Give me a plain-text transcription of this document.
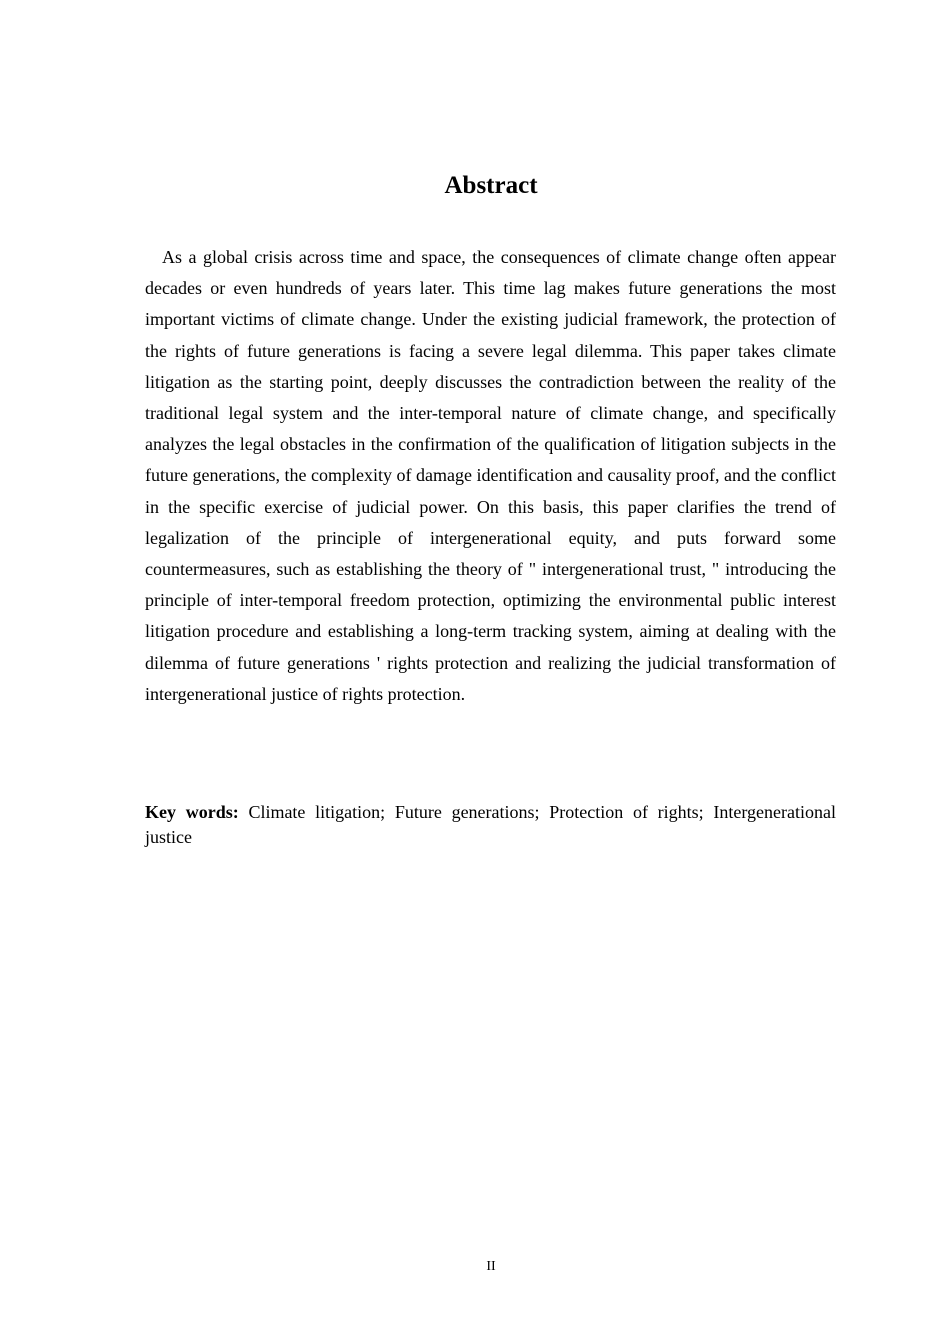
Abstract

As a global crisis across time and space, the consequences of climate change often appear decades or even hundreds of years later. This time lag makes future generations the most important victims of climate change. Under the existing judicial framework, the protection of the rights of future generations is facing a severe legal dilemma. This paper takes climate litigation as the starting point, deeply discusses the contradiction between the reality of the traditional legal system and the inter-temporal nature of climate change, and specifically analyzes the legal obstacles in the confirmation of the qualification of litigation subjects in the future generations, the complexity of damage identification and causality proof, and the conflict in the specific exercise of judicial power. On this basis, this paper clarifies the trend of legalization of the principle of intergenerational equity, and puts forward some countermeasures, such as establishing the theory of " intergenerational trust, " introducing the principle of inter-temporal freedom protection, optimizing the environmental public interest litigation procedure and establishing a long-term tracking system, aiming at dealing with the dilemma of future generations ' rights protection and realizing the judicial transformation of intergenerational justice of rights protection.

Key words: Climate litigation; Future generations; Protection of rights; Intergenerational justice

II
